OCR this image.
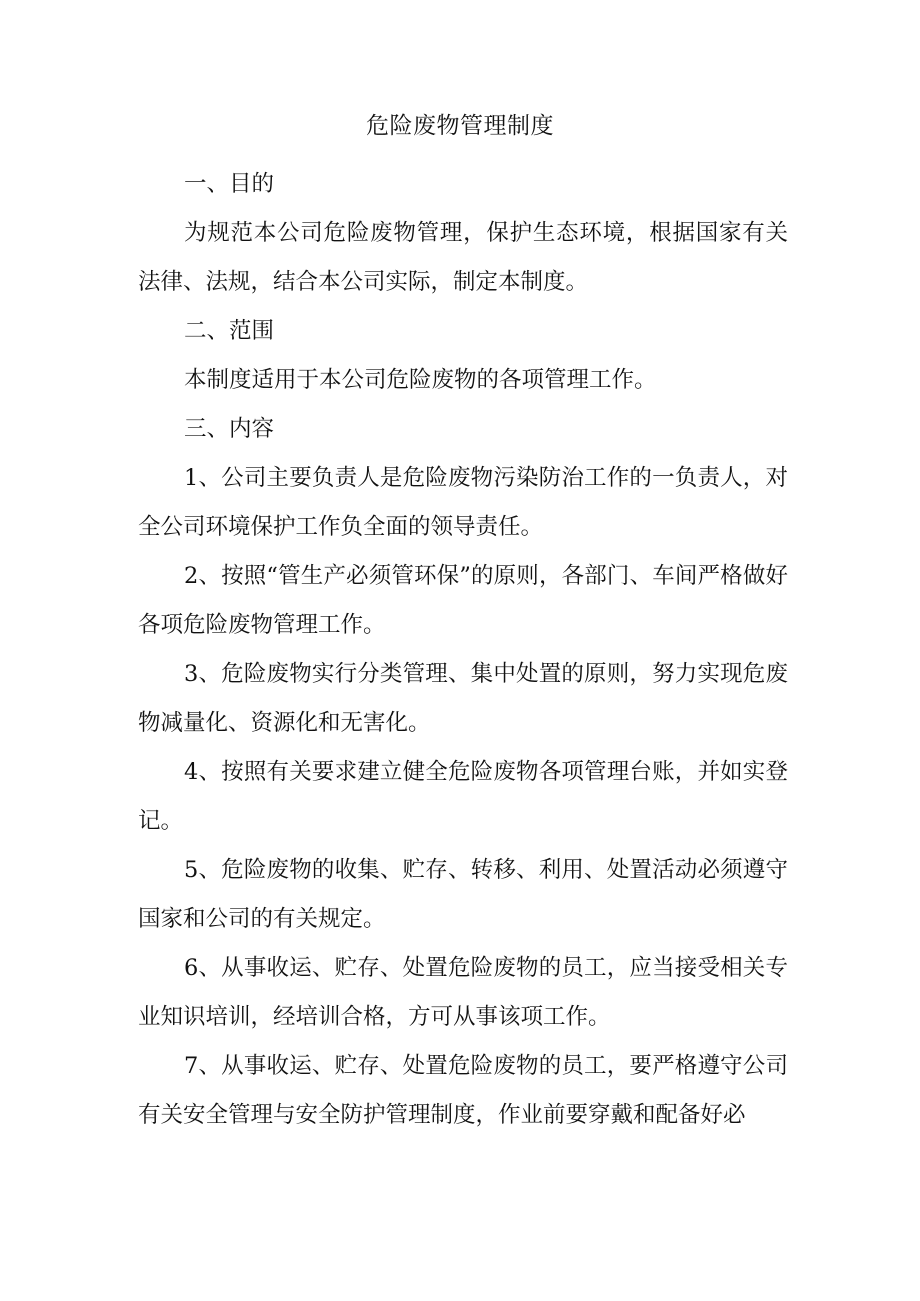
危险废物管理制度

一、目的

为规范本公司危险废物管理，保护生态环境，根据国家有关法律、法规，结合本公司实际，制定本制度。

二、范围

本制度适用于本公司危险废物的各项管理工作。

三、内容

1、公司主要负责人是危险废物污染防治工作的一负责人，对全公司环境保护工作负全面的领导责任。

2、按照“管生产必须管环保”的原则，各部门、车间严格做好各项危险废物管理工作。

3、危险废物实行分类管理、集中处置的原则，努力实现危废物减量化、资源化和无害化。

4、按照有关要求建立健全危险废物各项管理台账，并如实登记。

5、危险废物的收集、贮存、转移、利用、处置活动必须遵守国家和公司的有关规定。

6、从事收运、贮存、处置危险废物的员工，应当接受相关专业知识培训，经培训合格，方可从事该项工作。

7、从事收运、贮存、处置危险废物的员工，要严格遵守公司有关安全管理与安全防护管理制度，作业前要穿戴和配备好必
